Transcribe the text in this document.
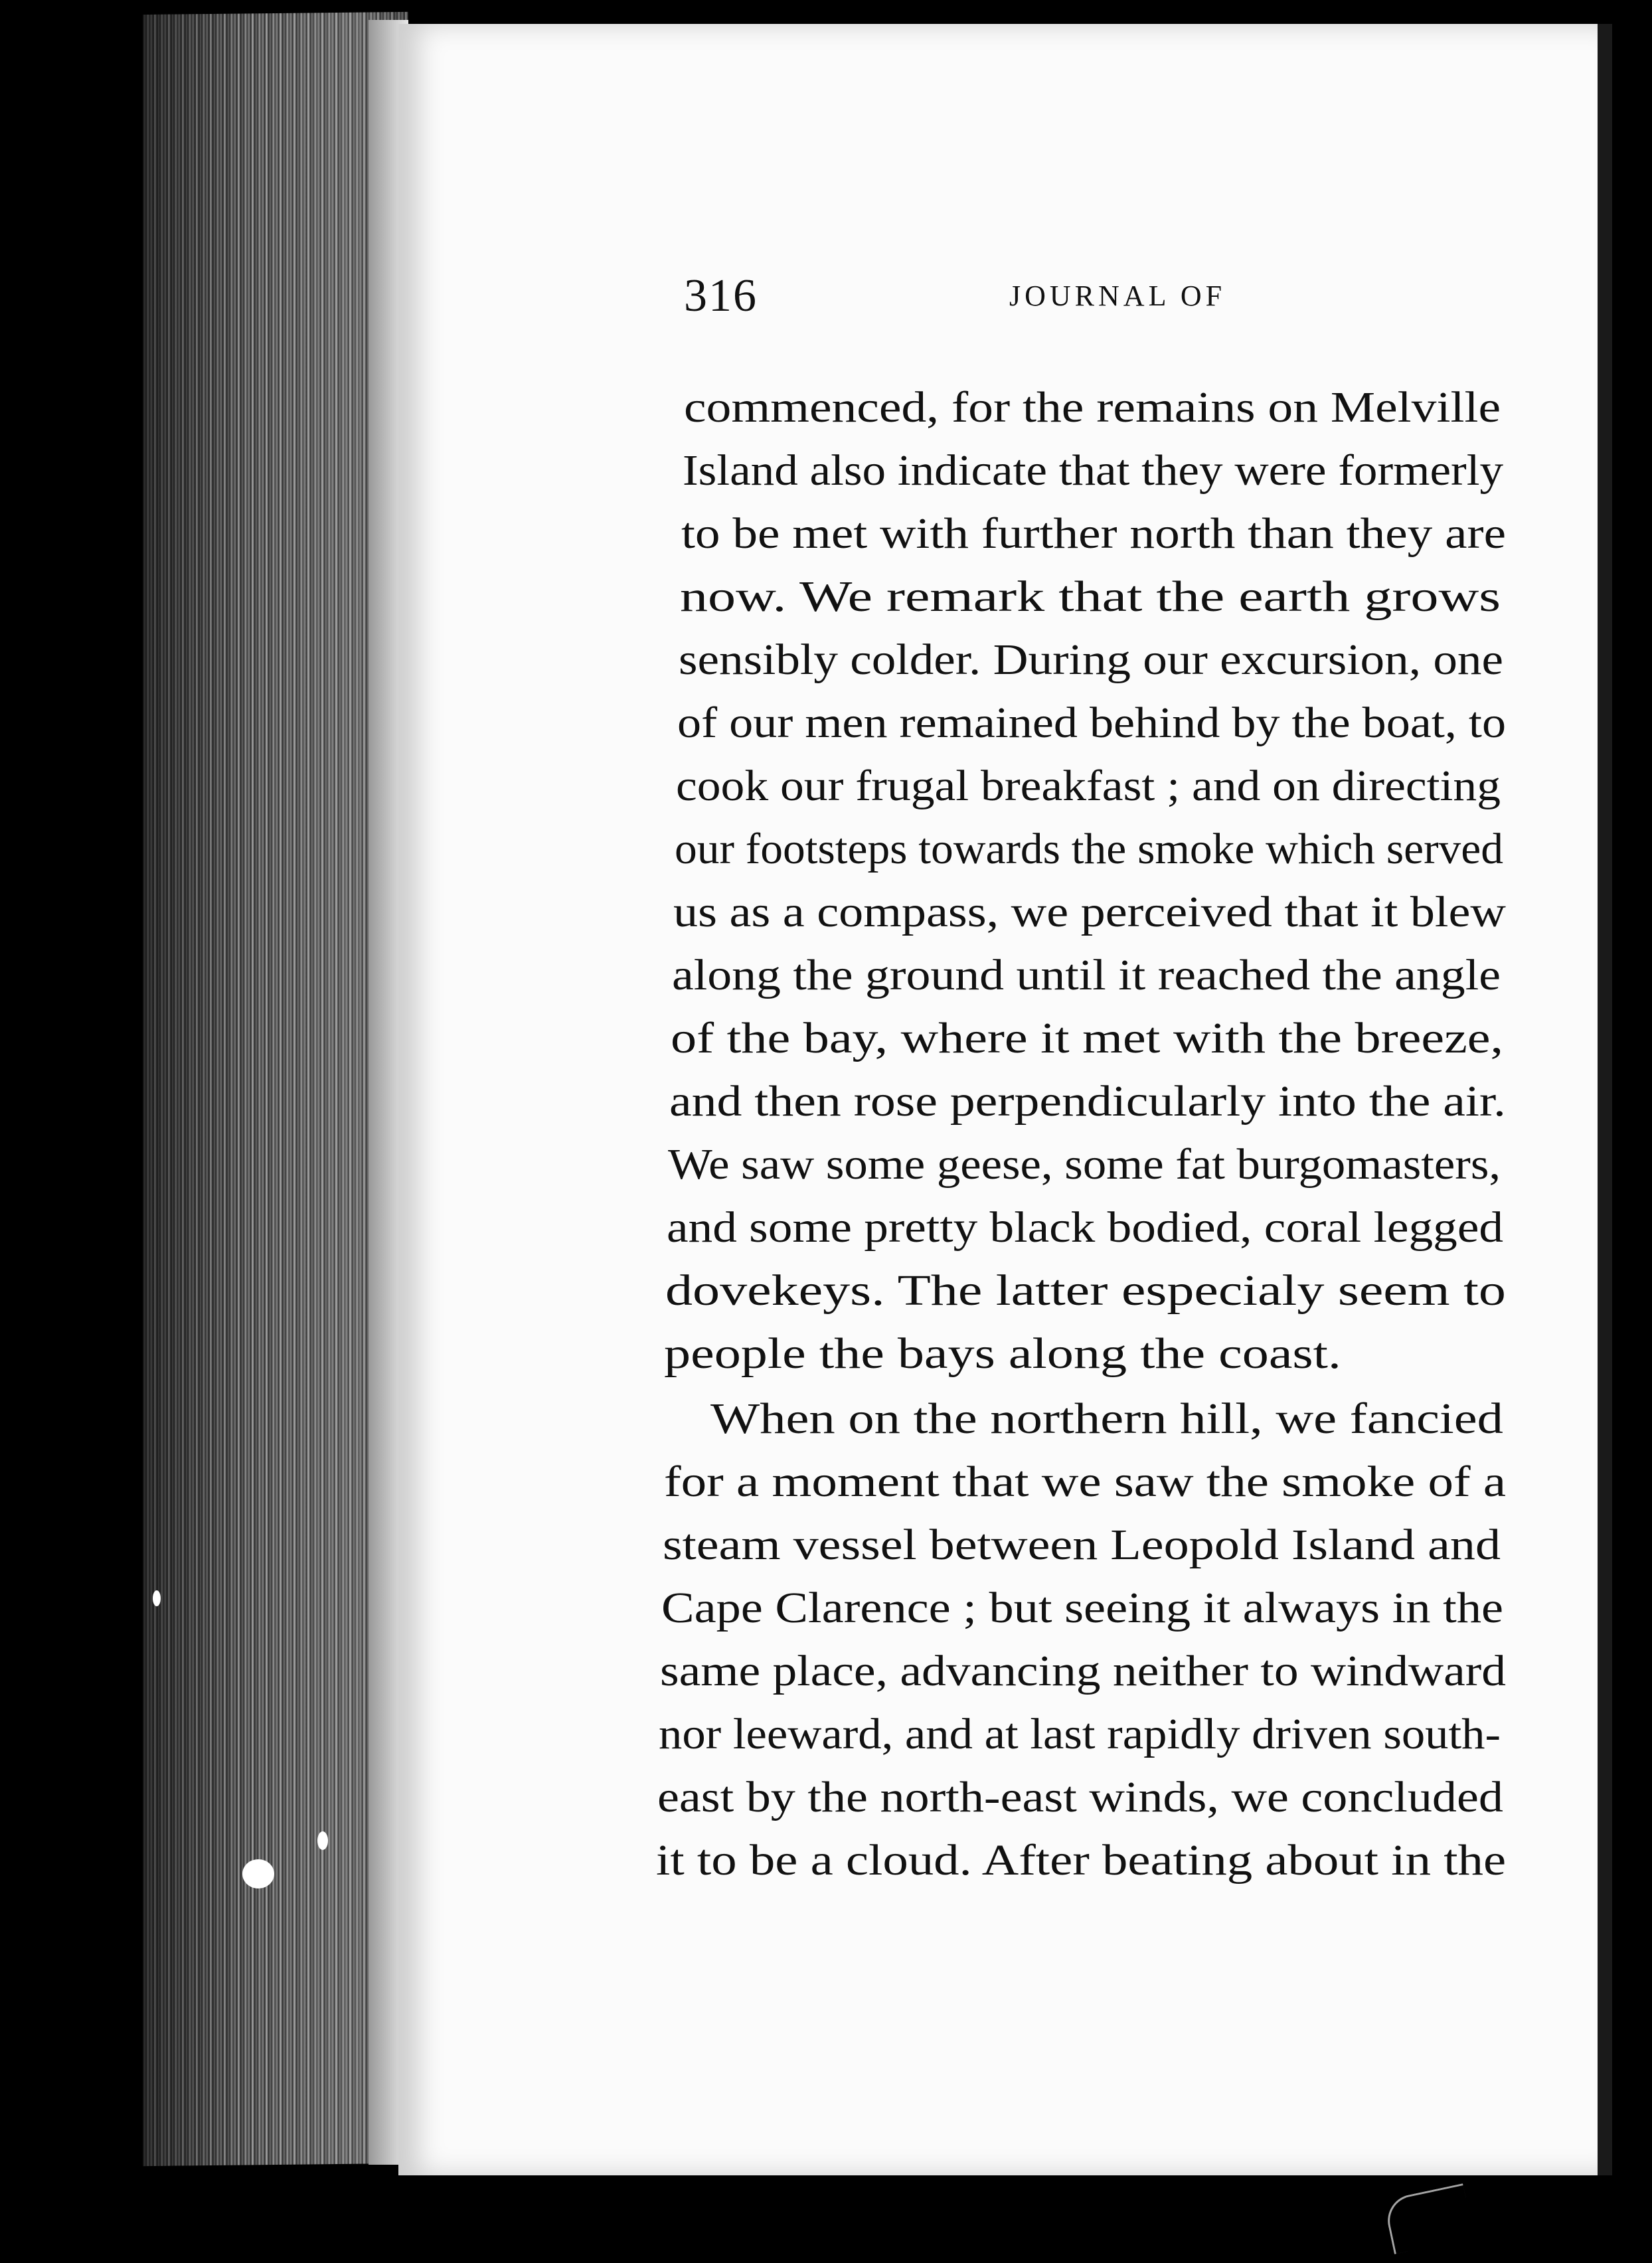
316	JOURNAL OF
commenced, for the remains on Melville
Island also indicate that they were formerly
to be met with further north than they are
now. We remark that the earth grows
sensibly colder. During our excursion, one
of our men remained behind by the boat, to
cook our frugal breakfast ; and on directing
our footsteps towards the smoke which served
us as a compass, we perceived that it blew
along the ground until it reached the angle
of the bay, where it met with the breeze,
and then rose perpendicularly into the air.
We saw some geese, some fat burgomasters,
and some pretty black bodied, coral legged
dovekeys. The latter especialy seem to
people the bays along the coast.
When on the northern hill, we fancied
for a moment that we saw the smoke of a
steam vessel between Leopold Island and
Cape Clarence ; but seeing it always in the
same place, advancing neither to windward
nor leeward, and at last rapidly driven south-
east by the north-east winds, we concluded
it to be a cloud. After beating about in the
